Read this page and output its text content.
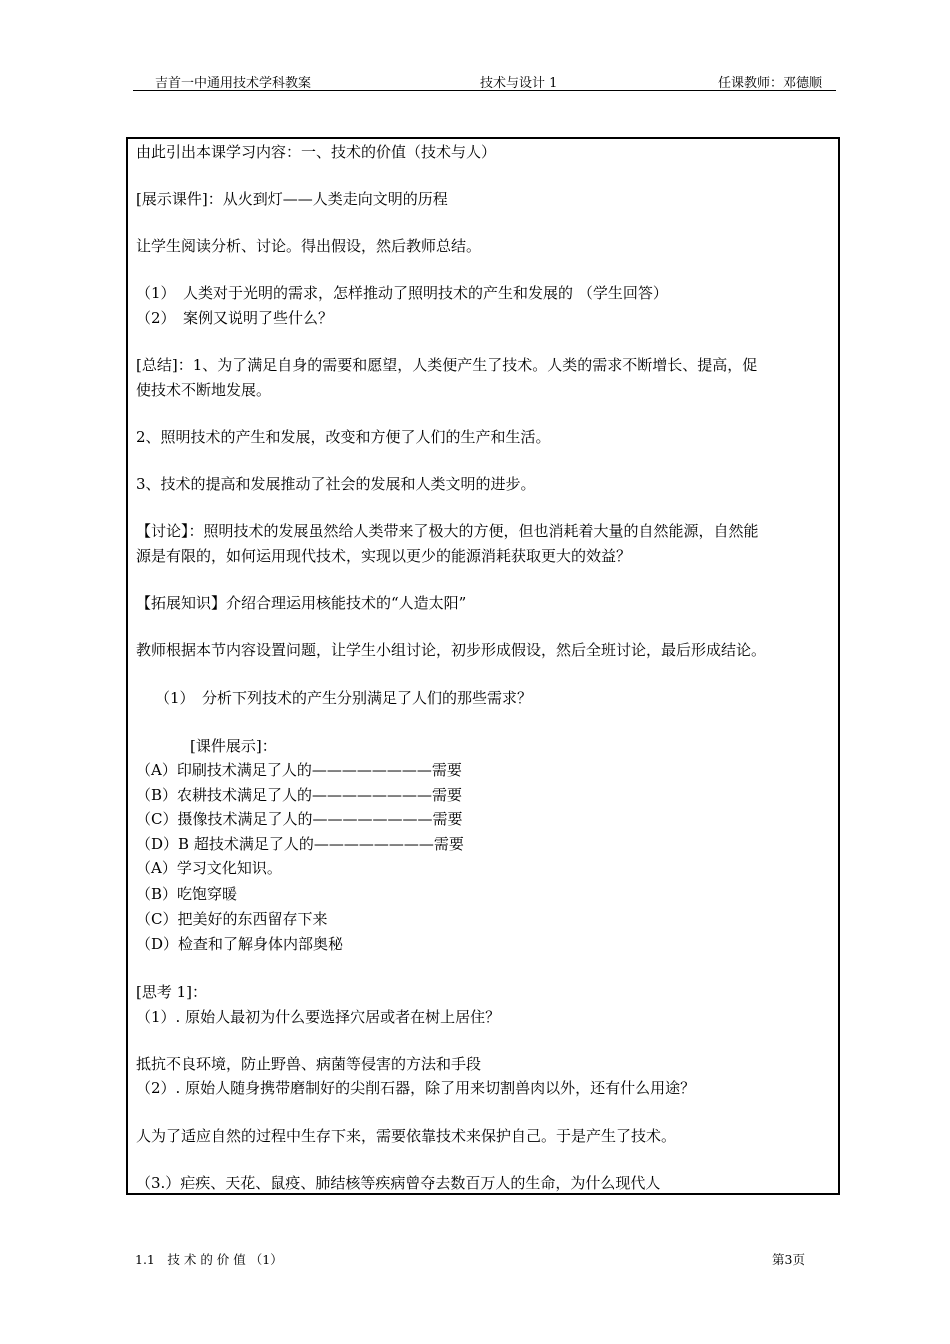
吉首一中通用技术学科教案	技术与设计 1	任课教师：邓德顺
由此引出本课学习内容：一、技术的价值（技术与人）
[展示课件]：从火到灯——人类走向文明的历程
让学生阅读分析、讨论。得出假设，然后教师总结。
（1）　人类对于光明的需求，怎样推动了照明技术的产生和发展的 （学生回答）
（2）　案例又说明了些什么？
[总结]：1、为了满足自身的需要和愿望，人类便产生了技术。人类的需求不断增长、提高，促
使技术不断地发展。
2、照明技术的产生和发展，改变和方便了人们的生产和生活。
3、技术的提高和发展推动了社会的发展和人类文明的进步。
【讨论】：照明技术的发展虽然给人类带来了极大的方便，但也消耗着大量的自然能源，自然能
源是有限的，如何运用现代技术，实现以更少的能源消耗获取更大的效益？
【拓展知识】介绍合理运用核能技术的“人造太阳”
教师根据本节内容设置问题，让学生小组讨论，初步形成假设，然后全班讨论，最后形成结论。
（1）　分析下列技术的产生分别满足了人们的那些需求？
[课件展示]：
（A）印刷技术满足了人的————————需要
（B）农耕技术满足了人的————————需要
（C）摄像技术满足了人的————————需要
（D）B 超技术满足了人的————————需要
（A）学习文化知识。
（B）吃饱穿暖
（C）把美好的东西留存下来
（D）检查和了解身体内部奥秘
[思考 1]：
（1）. 原始人最初为什么要选择穴居或者在树上居住？
抵抗不良环境，防止野兽、病菌等侵害的方法和手段
（2）. 原始人随身携带磨制好的尖削石器，除了用来切割兽肉以外，还有什么用途？
人为了适应自然的过程中生存下来，需要依靠技术来保护自己。于是产生了技术。
（3.）疟疾、天花、鼠疫、肺结核等疾病曾夺去数百万人的生命，为什么现代人
1.1　技 术 的 价 值 （1）	第3页
